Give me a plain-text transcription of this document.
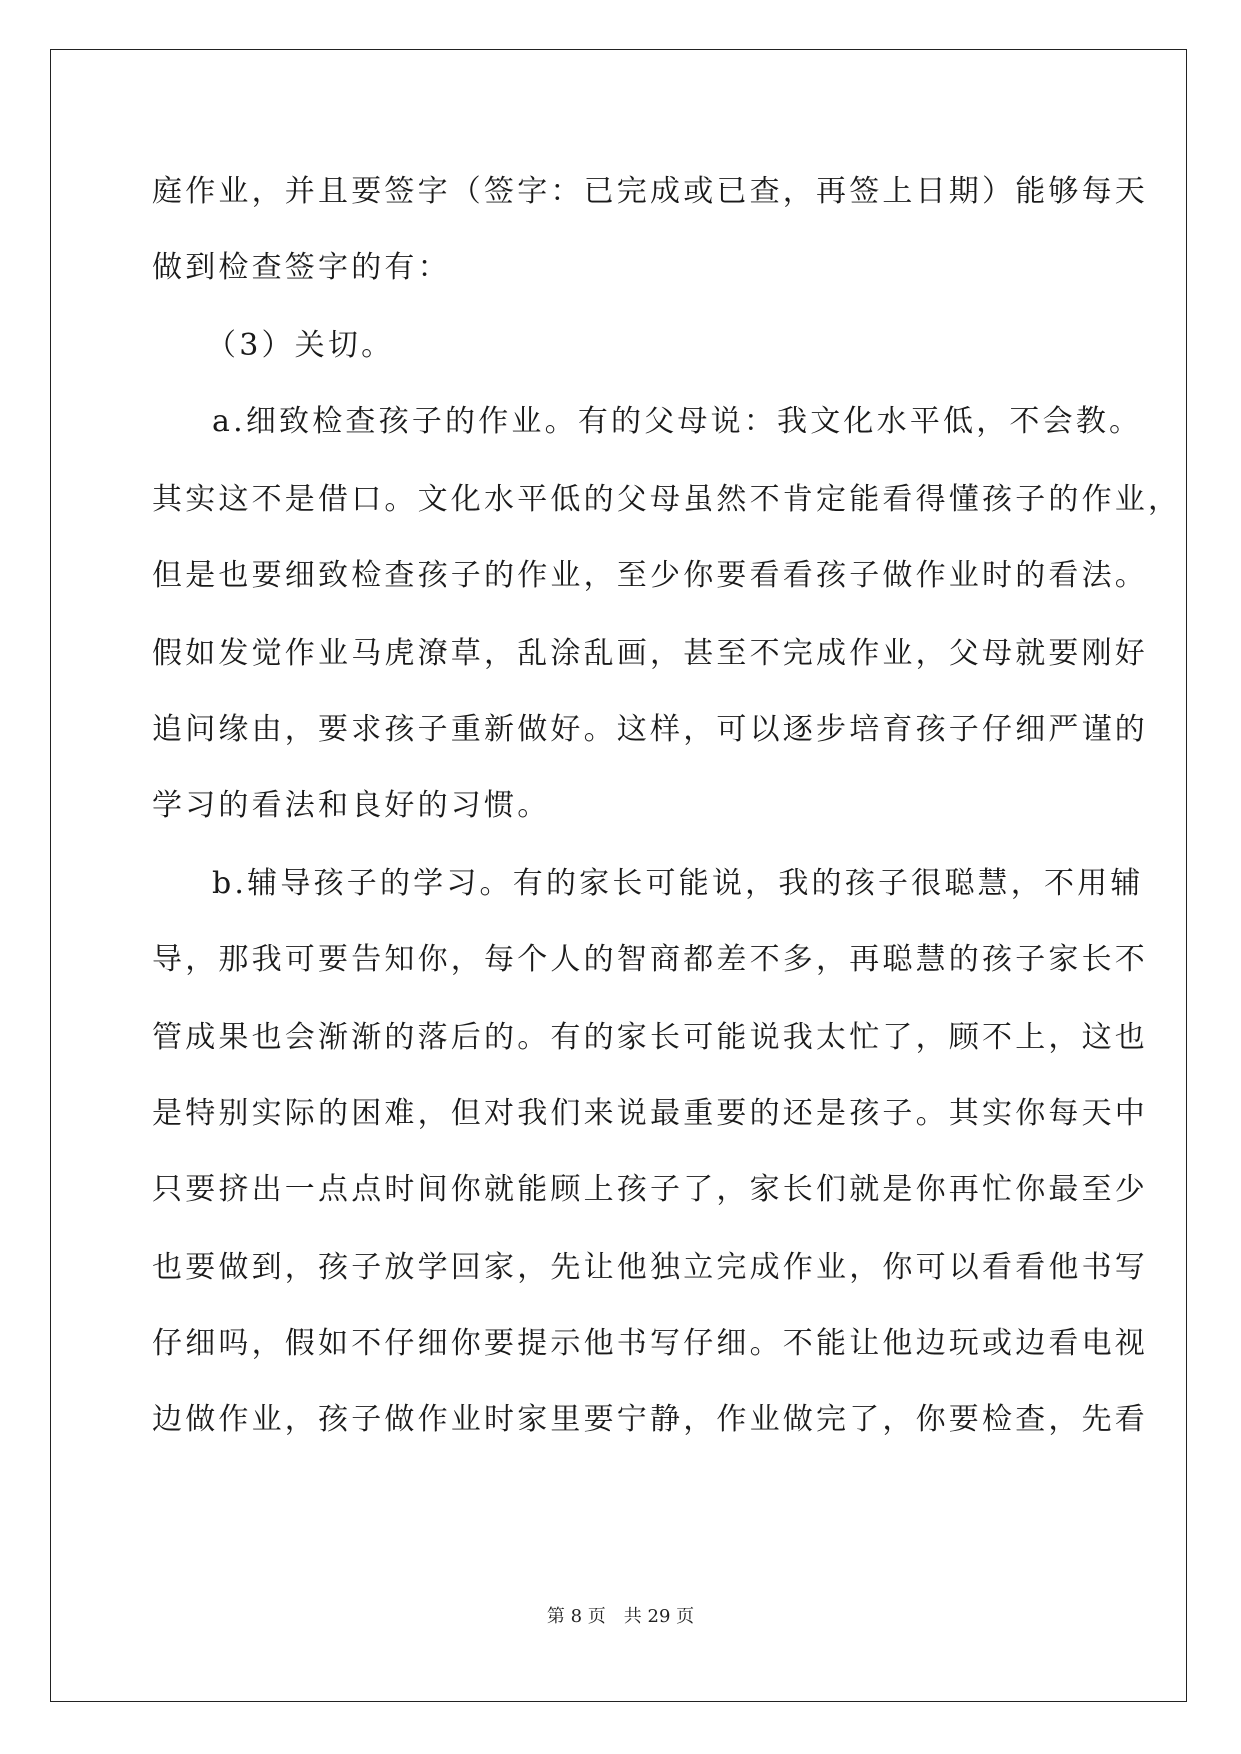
庭作业，并且要签字（签字：已完成或已查，再签上日期）能够每天
做到检查签字的有：
（3）关切。
a.细致检查孩子的作业。有的父母说：我文化水平低，不会教。
其实这不是借口。文化水平低的父母虽然不肯定能看得懂孩子的作业，
但是也要细致检查孩子的作业，至少你要看看孩子做作业时的看法。
假如发觉作业马虎潦草，乱涂乱画，甚至不完成作业，父母就要刚好
追问缘由，要求孩子重新做好。这样，可以逐步培育孩子仔细严谨的
学习的看法和良好的习惯。
b.辅导孩子的学习。有的家长可能说，我的孩子很聪慧，不用辅
导，那我可要告知你，每个人的智商都差不多，再聪慧的孩子家长不
管成果也会渐渐的落后的。有的家长可能说我太忙了，顾不上，这也
是特别实际的困难，但对我们来说最重要的还是孩子。其实你每天中
只要挤出一点点时间你就能顾上孩子了，家长们就是你再忙你最至少
也要做到，孩子放学回家，先让他独立完成作业，你可以看看他书写
仔细吗，假如不仔细你要提示他书写仔细。不能让他边玩或边看电视
边做作业，孩子做作业时家里要宁静，作业做完了，你要检查，先看
第 8 页　共 29 页
